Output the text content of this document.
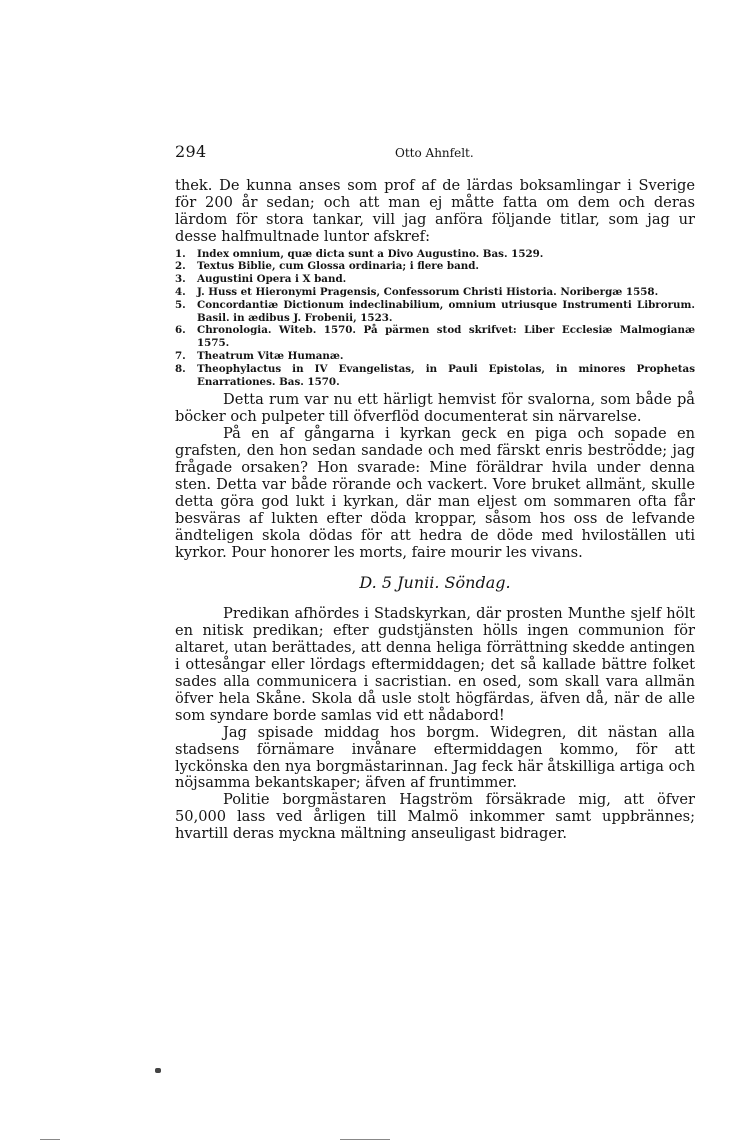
294	Otto Ahnfelt.

thek. De kunna anses som prof af de lärdas boksamlingar i Sverige för 200 år sedan; och att man ej måtte fatta om dem och deras lärdom för stora tankar, vill jag anföra följande titlar, som jag ur desse halfmultnade luntor afskref:

1.	Index omnium, quæ dicta sunt a Divo Augustino. Bas. 1529.
2.	Textus Biblie, cum Glossa ordinaria; i flere band.
3.	Augustini Opera i X band.
4.	J. Huss et Hieronymi Pragensis, Confessorum Christi Historia. Noribergæ 1558.
5.	Concordantiæ Dictionum indeclinabilium, omnium utriusque Instrumenti Librorum. Basil. in ædibus J. Frobenii, 1523.
6.	Chronologia. Witeb. 1570. På pärmen stod skrifvet: Liber Ecclesiæ Malmogianæ 1575.
7.	Theatrum Vitæ Humanæ.
8.	Theophylactus in IV Evangelistas, in Pauli Epistolas, in minores Prophetas Enarrationes. Bas. 1570.

Detta rum var nu ett härligt hemvist för svalorna, som både på böcker och pulpeter till öfverflöd documenterat sin närvarelse.

På en af gångarna i kyrkan geck en piga och sopade en grafsten, den hon sedan sandade och med färskt enris beströdde; jag frågade orsaken? Hon svarade: Mine föräldrar hvila under denna sten. Detta var både rörande och vackert. Vore bruket allmänt, skulle detta göra god lukt i kyrkan, där man eljest om sommaren ofta får besväras af lukten efter döda kroppar, såsom hos oss de lefvande ändteligen skola dödas för att hedra de döde med hvilоställen uti kyrkor. Pour honorer les morts, faire mourir les vivans.

D. 5 Junii. Söndag.

Predikan afhördes i Stadskyrkan, där prosten Munthe sjelf hölt en nitisk predikan; efter gudstjänsten hölls ingen communion för altaret, utan berättades, att denna heliga förrättning skedde antingen i ottesångar eller lördags eftermiddagen; det så kallade bättre folket sades alla communicera i sacristian. en osed, som skall vara allmän öfver hela Skåne. Skola då usle stolt högfärdas, äfven då, när de alle som syndare borde samlas vid ett nådabord!

Jag spisade middag hos borgm. Widegren, dit nästan alla stadsens förnämare invånare eftermiddagen kommo, för att lyckönska den nya borgmästarinnan. Jag feck här åtskilliga artiga och nöjsamma bekantskaper; äfven af fruntimmer.

Politie borgmästaren Hagström försäkrade mig, att öfver 50,000 lass ved årligen till Malmö inkommer samt uppbrännes; hvartill deras myckna mältning anseuligast bidrager.
